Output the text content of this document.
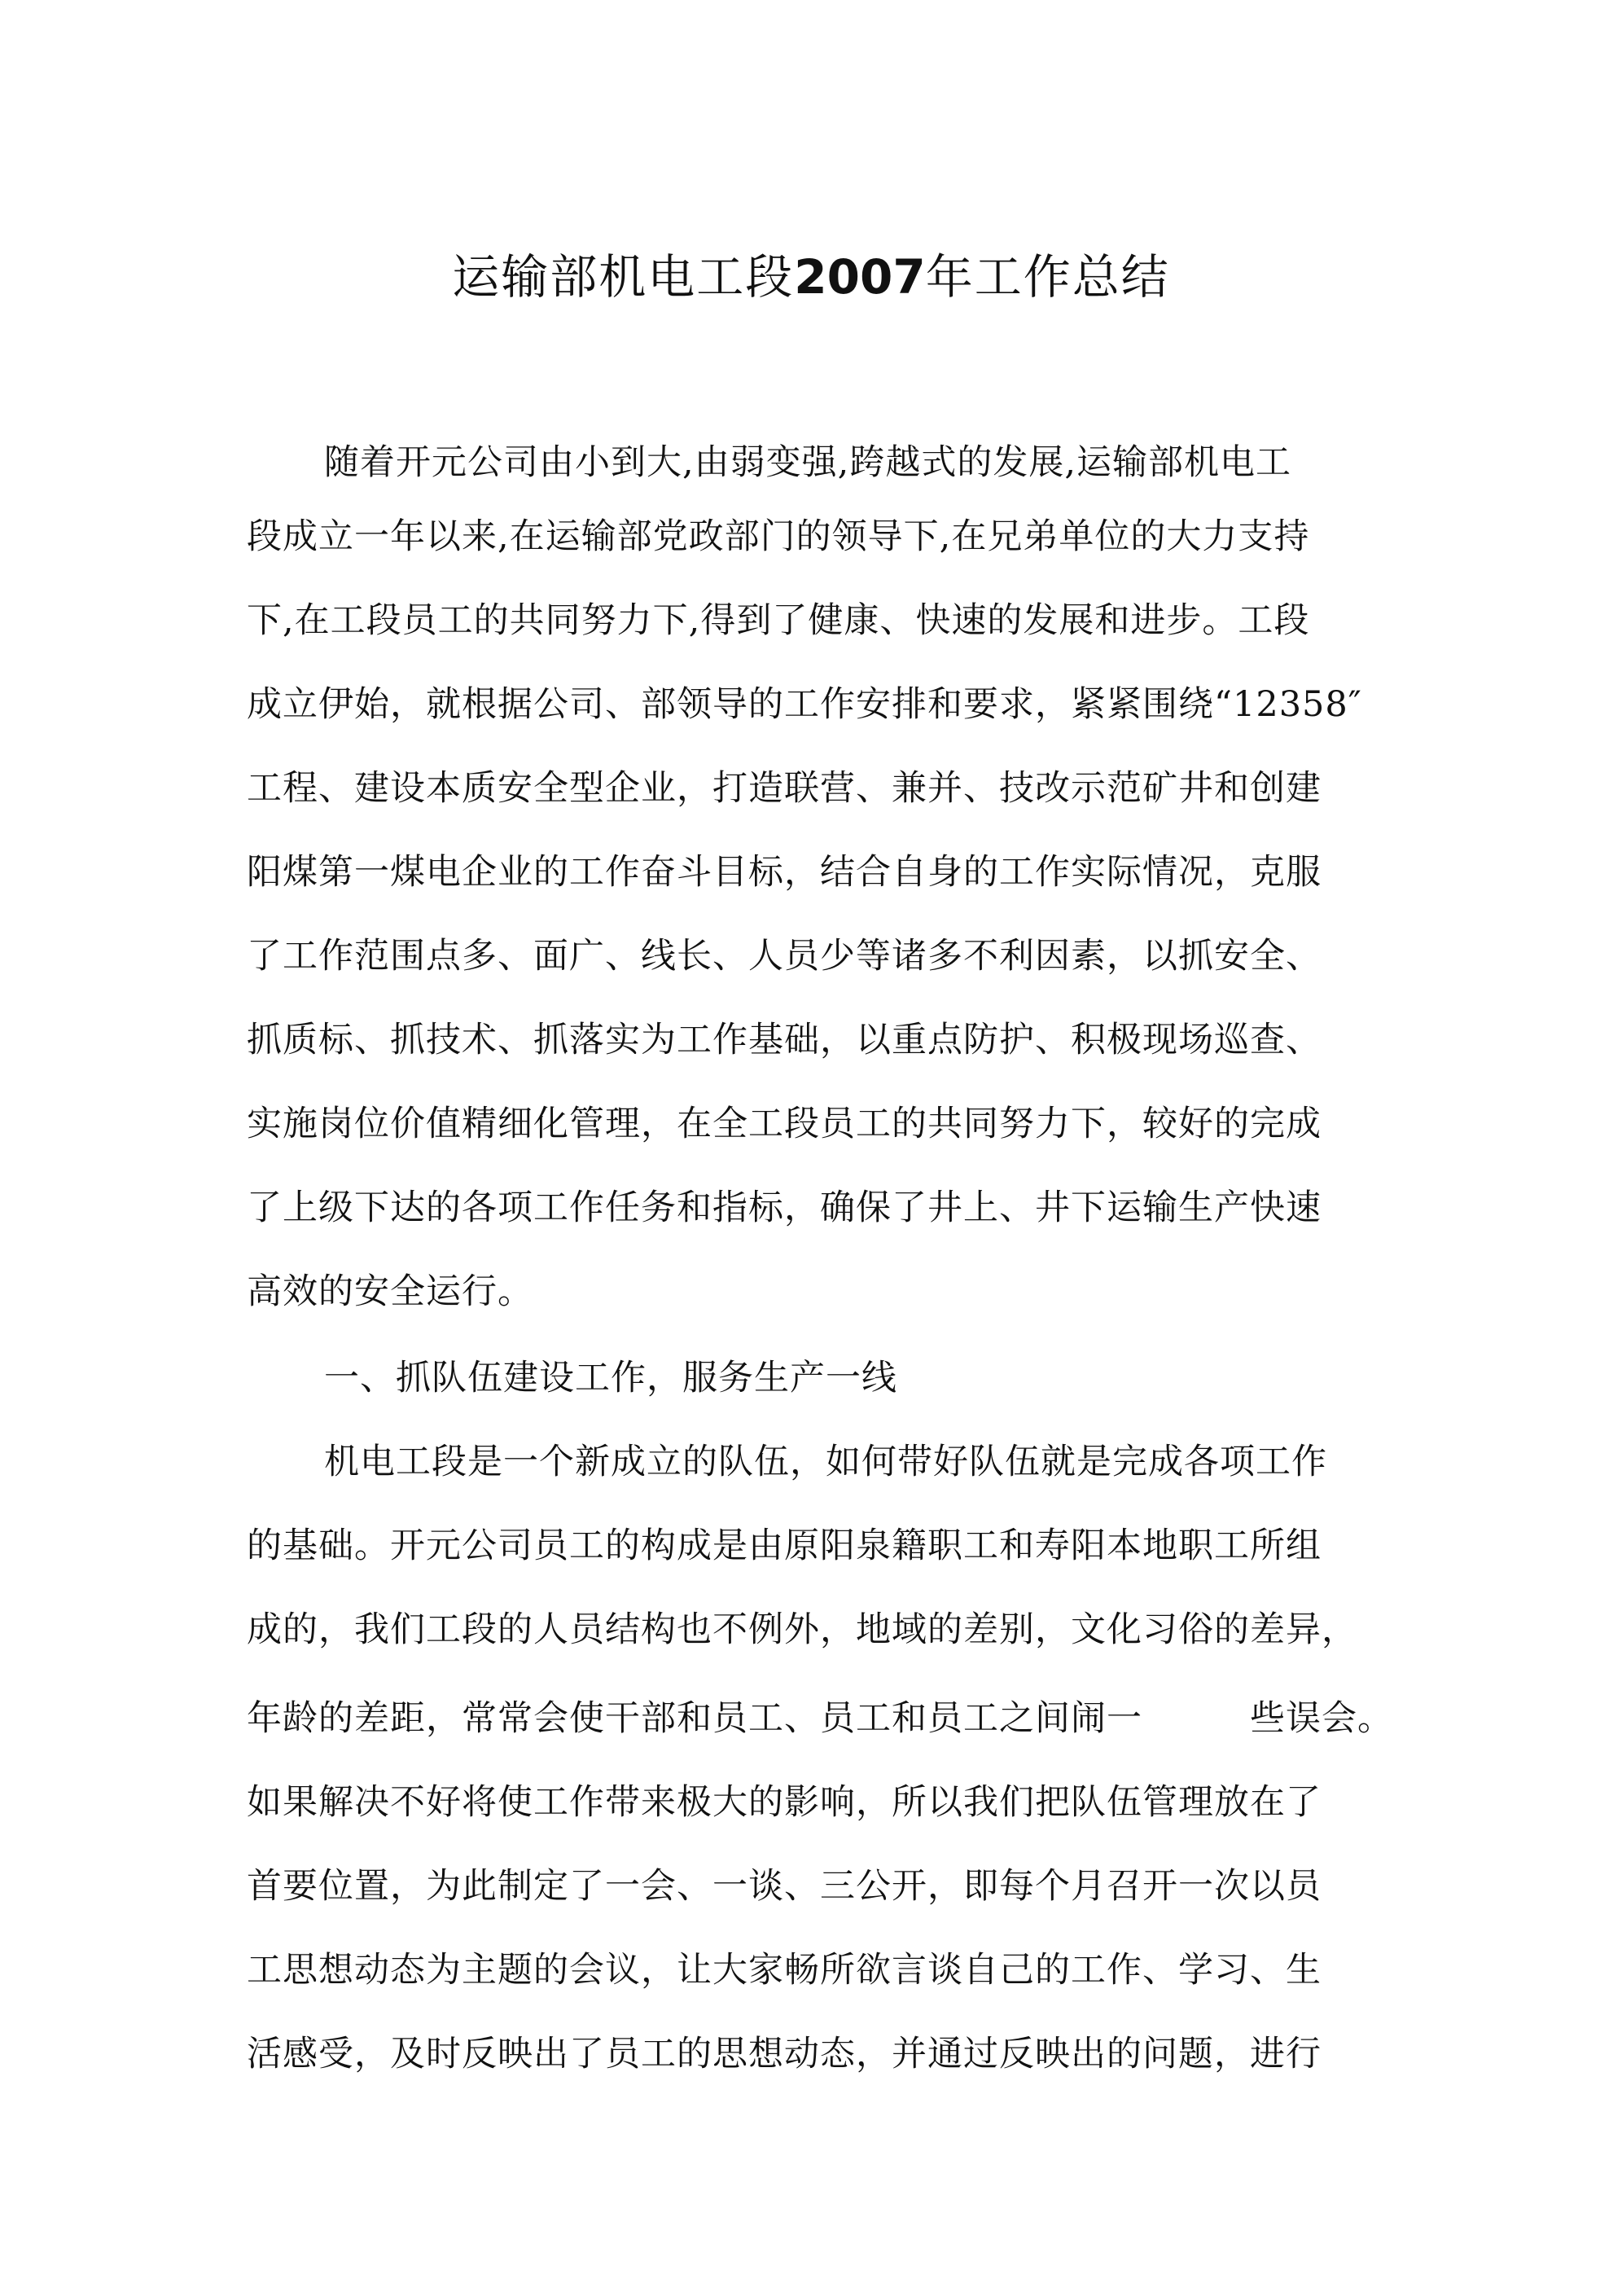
运输部机电工段2007年工作总结
随着开元公司由小到大,由弱变强,跨越式的发展,运输部机电工
段成立一年以来,在运输部党政部门的领导下,在兄弟单位的大力支持
下,在工段员工的共同努力下,得到了健康、快速的发展和进步。工段
成立伊始，就根据公司、部领导的工作安排和要求，紧紧围绕“12358″
工程、建设本质安全型企业，打造联营、兼并、技改示范矿井和创建
阳煤第一煤电企业的工作奋斗目标，结合自身的工作实际情况，克服
了工作范围点多、面广、线长、人员少等诸多不利因素，以抓安全、
抓质标、抓技术、抓落实为工作基础，以重点防护、积极现场巡查、
实施岗位价值精细化管理，在全工段员工的共同努力下，较好的完成
了上级下达的各项工作任务和指标，确保了井上、井下运输生产快速
高效的安全运行。
一、抓队伍建设工作，服务生产一线
机电工段是一个新成立的队伍，如何带好队伍就是完成各项工作
的基础。开元公司员工的构成是由原阳泉籍职工和寿阳本地职工所组
成的，我们工段的人员结构也不例外，地域的差别，文化习俗的差异，
年龄的差距，常常会使干部和员工、员工和员工之间闹一　　　些误会。
如果解决不好将使工作带来极大的影响，所以我们把队伍管理放在了
首要位置，为此制定了一会、一谈、三公开，即每个月召开一次以员
工思想动态为主题的会议，让大家畅所欲言谈自己的工作、学习、生
活感受，及时反映出了员工的思想动态，并通过反映出的问题，进行
